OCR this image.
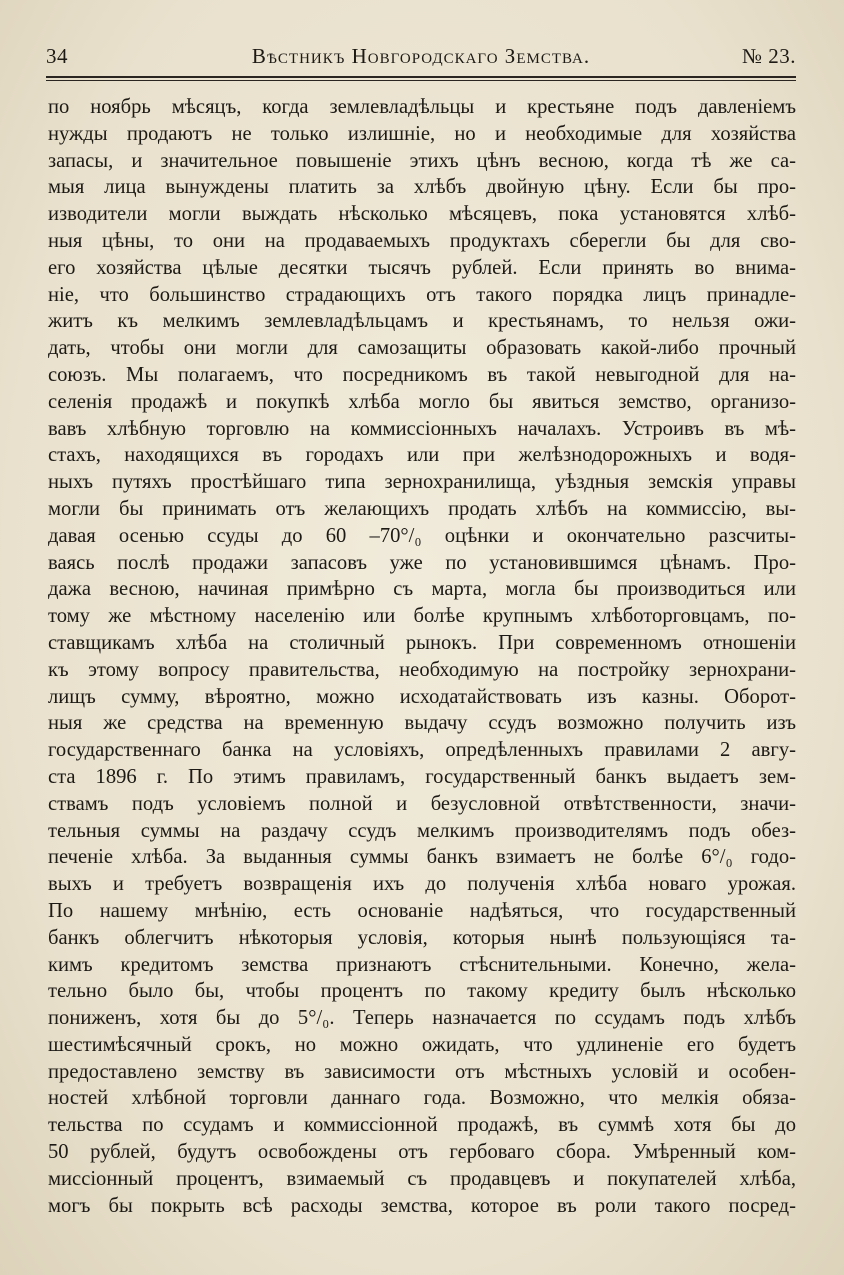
34	Вѣстникъ Новгородскаго Земства.	№ 23.
по ноябрь мѣсяцъ, когда землевладѣльцы и крестьяне подъ давленіемъ
нужды продаютъ не только излишніе, но и необходимые для хозяйства
запасы, и значительное повышеніе этихъ цѣнъ весною, когда тѣ же са-
мыя лица вынуждены платить за хлѣбъ двойную цѣну. Если бы про-
изводители могли выждать нѣсколько мѣсяцевъ, пока установятся хлѣб-
ныя цѣны, то они на продаваемыхъ продуктахъ сберегли бы для сво-
его хозяйства цѣлые десятки тысячъ рублей. Если принять во внима-
ніе, что большинство страдающихъ отъ такого порядка лицъ принадле-
житъ къ мелкимъ землевладѣльцамъ и крестьянамъ, то нельзя ожи-
дать, чтобы они могли для самозащиты образовать какой-либо прочный
союзъ. Мы полагаемъ, что посредникомъ въ такой невыгодной для на-
селенія продажѣ и покупкѣ хлѣба могло бы явиться земство, организо-
вавъ хлѣбную торговлю на коммиссіонныхъ началахъ. Устроивъ въ мѣ-
стахъ, находящихся въ городахъ или при желѣзнодорожныхъ и водя-
ныхъ путяхъ простѣйшаго типа зернохранилища, уѣздныя земскія управы
могли бы принимать отъ желающихъ продать хлѣбъ на коммиссію, вы-
давая осенью ссуды до 60 –70°/₀ оцѣнки и окончательно разсчиты-
ваясь послѣ продажи запасовъ уже по установившимся цѣнамъ. Про-
дажа весною, начиная примѣрно съ марта, могла бы производиться или
тому же мѣстному населенію или болѣе крупнымъ хлѣботорговцамъ, по-
ставщикамъ хлѣба на столичный рынокъ. При современномъ отношеніи
къ этому вопросу правительства, необходимую на постройку зернохрани-
лищъ сумму, вѣроятно, можно исходатайствовать изъ казны. Оборот-
ныя же средства на временную выдачу ссудъ возможно получить изъ
государственнаго банка на условіяхъ, опредѣленныхъ правилами 2 авгу-
ста 1896 г. По этимъ правиламъ, государственный банкъ выдаетъ зем-
ствамъ подъ условіемъ полной и безусловной отвѣтственности, значи-
тельныя суммы на раздачу ссудъ мелкимъ производителямъ подъ обез-
печеніе хлѣба. За выданныя суммы банкъ взимаетъ не болѣе 6°/₀ годо-
выхъ и требуетъ возвращенія ихъ до полученія хлѣба новаго урожая.
По нашему мнѣнію, есть основаніе надѣяться, что государственный
банкъ облегчитъ нѣкоторыя условія, которыя нынѣ пользующіяся та-
кимъ кредитомъ земства признаютъ стѣснительными. Конечно, жела-
тельно было бы, чтобы процентъ по такому кредиту былъ нѣсколько
пониженъ, хотя бы до 5°/₀. Теперь назначается по ссудамъ подъ хлѣбъ
шестимѣсячный срокъ, но можно ожидать, что удлиненіе его будетъ
предоставлено земству въ зависимости отъ мѣстныхъ условій и особен-
ностей хлѣбной торговли даннаго года. Возможно, что мелкія обяза-
тельства по ссудамъ и коммиссіонной продажѣ, въ суммѣ хотя бы до
50 рублей, будутъ освобождены отъ гербоваго сбора. Умѣренный ком-
миссіонный процентъ, взимаемый съ продавцевъ и покупателей хлѣба,
могъ бы покрыть всѣ расходы земства, которое въ роли такого посред-
